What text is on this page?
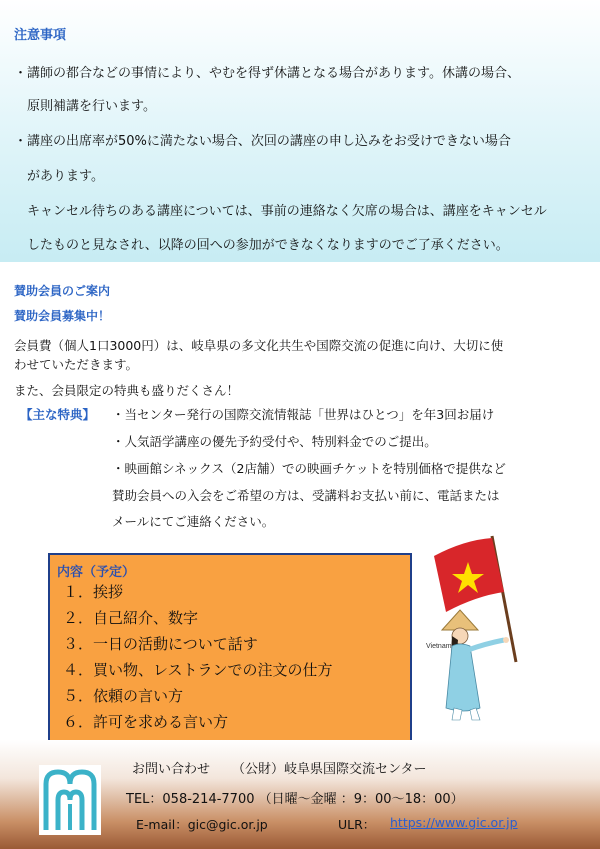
注意事項
・講師の都合などの事情により、やむを得ず休講となる場合があります。休講の場合、
　原則補講を行います。
・講座の出席率が50%に満たない場合、次回の講座の申し込みをお受けできない場合
　があります。
　キャンセル待ちのある講座については、事前の連絡なく欠席の場合は、講座をキャンセル
　したものと見なされ、以降の回への参加ができなくなりますのでご了承ください。
賛助会員のご案内
賛助会員募集中！
会員費（個人1口3000円）は、岐阜県の多文化共生や国際交流の促進に向け、大切に使
わせていただきます。
また、会員限定の特典も盛りだくさん！
【主な特典】 ・当センター発行の国際交流情報誌「世界はひとつ」を年3回お届け
・人気語学講座の優先予約受付や、特別料金でのご提出。
・映画館シネックス（2店舗）での映画チケットを特別価格で提供など
賛助会員への入会をご希望の方は、受講料お支払い前に、電話または
メールにてご連絡ください。
内容（予定）
１．挨拶
２．自己紹介、数字
３．一日の活動について話す
４．買い物、レストランでの注文の仕方
５．依頼の言い方
６．許可を求める言い方
Vietnam
お問い合わせ （公財）岐阜県国際交流センター
TEL：058-214-7700 （日曜～金曜 ：9：00～18：00）
E-mail：gic@gic.or.jp	ULR： https://www.gic.or.jp
